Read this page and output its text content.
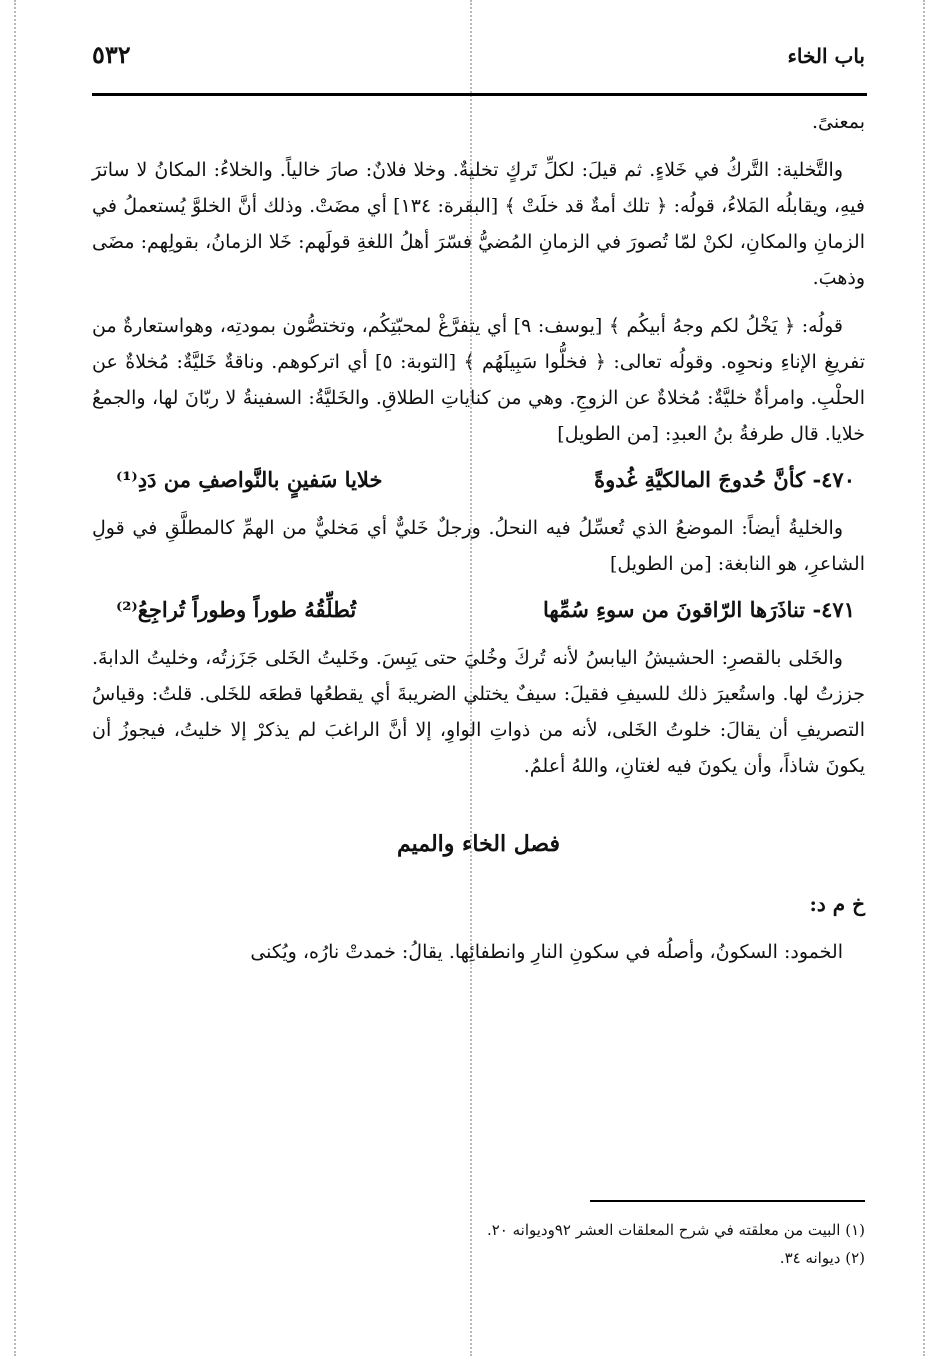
باب الخاء
٥٣٢

بمعنىً.

والتَّخلية: التَّركُ في خَلاءٍ. ثم قيلَ: لكلِّ تَركٍ تخليةٌ. وخلا فلانٌ: صارَ خالياً. والخلاءُ: المكانُ لا ساترَ فيهِ، ويقابلُه المَلاءُ، قولُه: ﴿ تلك أمةٌ قد خلَتْ ﴾ [البقرة: ١٣٤] أي مضَتْ. وذلك أنَّ الخلوَّ يُستعملُ في الزمانِ والمكانِ، لكنْ لمّا تُصورَ في الزمانِ المُضيُّ فسّرَ أهلُ اللغةِ قولَهم: خَلا الزمانُ، بقولِهم: مضَى وذهبَ.

قولُه: ﴿ يَخْلُ لكم وجهُ أبيكُم ﴾ [يوسف: ٩] أي يتفرَّغْ لمحبّتِكُم، وتختصُّون بمودتِه، وهواستعارةٌ من تفريغِ الإناءِ ونحوِه. وقولُه تعالى: ﴿ فخلُّوا سَبِيلَهُم ﴾ [التوبة: ٥] أي اتركوهم. وناقةٌ خَليَّةٌ: مُخلاةٌ عن الحلْبِ. وامرأةٌ خليَّةٌ: مُخلاةٌ عن الزوجِ. وهي من كناياتِ الطلاقِ. والخَليَّةُ: السفينةُ لا ربّانَ لها، والجمعُ خلايا. قال طرفةُ بنُ العبدِ: [من الطويل]

٤٧٠- كأنَّ حُدوجَ المالكيَّةِ غُدوةً
خلايا سَفينٍ بالنَّواصفِ من دَدِ⁽¹⁾

والخليةُ أيضاً: الموضعُ الذي تُعسِّلُ فيه النحلُ. ورجلٌ خَليٌّ أي مَخليٌّ من الهمِّ كالمطلَّقِ في قولِ الشاعرِ، هو النابغة: [من الطويل]

٤٧١- تناذَرَها الرّاقونَ من سوءِ سُمِّها
تُطلِّقُهُ طوراً وطوراً تُراجِعُ⁽²⁾

والخَلى بالقصرِ: الحشيشُ اليابسُ لأنه تُركَ وخُليَ حتى يَبِسَ. وخَليتُ الخَلى جَزَزتُه، وخليتُ الدابةَ. جززتُ لها. واستُعيرَ ذلك للسيفِ فقيلَ: سيفٌ يختلي الضريبةَ أي يقطعُها قطعَه للخَلى. قلتُ: وقياسُ التصريفِ أن يقالَ: خلوتُ الخَلى، لأنه من ذواتِ الواوِ، إلا أنَّ الراغبَ لم يذكرْ إلا خليتُ، فيجوزُ أن يكونَ شاذاً، وأن يكونَ فيه لغتانِ، واللهُ أعلمُ.

فصل الخاء والميم

خ م د:

الخمود: السكونُ، وأصلُه في سكونِ النارِ وانطفائِها. يقالُ: خمدتْ نارُه، ويُكنى

(١) البيت من معلقته في شرح المعلقات العشر ٩٢وديوانه ٢٠.

(٢) ديوانه ٣٤.
